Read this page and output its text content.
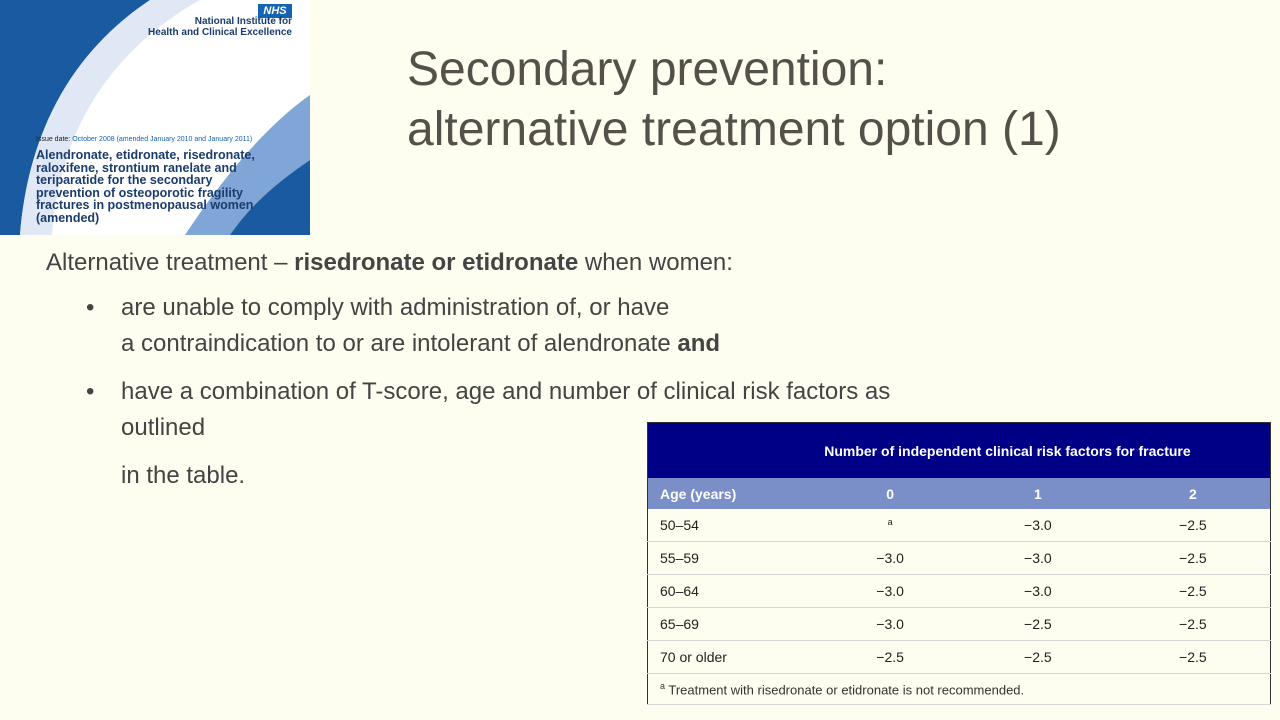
NHS
National Institute for
Health and Clinical Excellence
Issue date: October 2008 (amended January 2010 and January 2011)
Alendronate, etidronate, risedronate, raloxifene, strontium ranelate and teriparatide for the secondary prevention of osteoporotic fragility fractures in postmenopausal women (amended)
Secondary prevention:
alternative treatment option (1)

Alternative treatment – risedronate or etidronate when women:

• are unable to comply with administration of, or have
a contraindication to or are intolerant of alendronate and

• have a combination of T-score, age and number of clinical risk factors as
outlined

in the table.

	Number of independent clinical risk factors for fracture		
Age (years)	0	1	2
50–54	$^a$	−3.0	−2.5
55–59	−3.0	−3.0	−2.5
60–64	−3.0	−3.0	−2.5
65–69	−3.0	−2.5	−2.5
70 or older	−2.5	−2.5	−2.5
$^a$ Treatment with risedronate or etidronate is not recommended.			
